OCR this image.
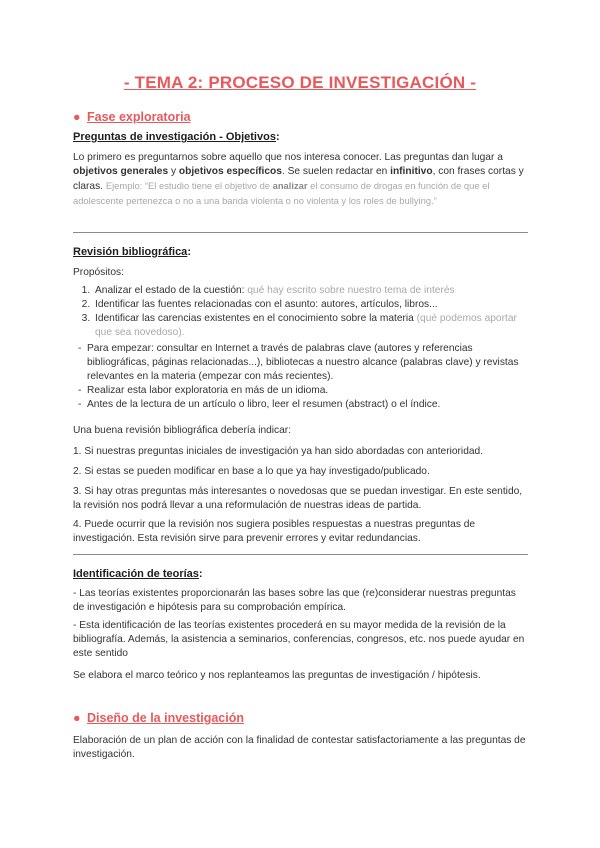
- TEMA 2: PROCESO DE INVESTIGACIÓN -
● Fase exploratoria
Preguntas de investigación - Objetivos:
Lo primero es preguntarnos sobre aquello que nos interesa conocer. Las preguntas dan lugar a objetivos generales y objetivos específicos. Se suelen redactar en infinitivo, con frases cortas y claras. Ejemplo: “El estudio tiene el objetivo de analizar el consumo de drogas en función de que el adolescente pertenezca o no a una banda violenta o no violenta y los roles de bullying.”
Revisión bibliográfica:
Propósitos:
1. Analizar el estado de la cuestión: qué hay escrito sobre nuestro tema de interés
2. Identificar las fuentes relacionadas con el asunto: autores, artículos, libros...
3. Identificar las carencias existentes en el conocimiento sobre la materia (qué podemos aportar que sea novedoso).
- Para empezar: consultar en Internet a través de palabras clave (autores y referencias bibliográficas, páginas relacionadas...), bibliotecas a nuestro alcance (palabras clave) y revistas relevantes en la materia (empezar con más recientes).
- Realizar esta labor exploratoria en más de un idioma.
- Antes de la lectura de un artículo o libro, leer el resumen (abstract) o el índice.
Una buena revisión bibliográfica debería indicar:
1. Si nuestras preguntas iniciales de investigación ya han sido abordadas con anterioridad.
2. Si estas se pueden modificar en base a lo que ya hay investigado/publicado.
3. Si hay otras preguntas más interesantes o novedosas que se puedan investigar. En este sentido, la revisión nos podrá llevar a una reformulación de nuestras ideas de partida.
4. Puede ocurrir que la revisión nos sugiera posibles respuestas a nuestras preguntas de investigación. Esta revisión sirve para prevenir errores y evitar redundancias.
Identificación de teorías:
- Las teorías existentes proporcionarán las bases sobre las que (re)considerar nuestras preguntas de investigación e hipótesis para su comprobación empírica.
- Esta identificación de las teorías existentes procederá en su mayor medida de la revisión de la bibliografía. Además, la asistencia a seminarios, conferencias, congresos, etc. nos puede ayudar en este sentido
Se elabora el marco teórico y nos replanteamos las preguntas de investigación / hipótesis.
● Diseño de la investigación
Elaboración de un plan de acción con la finalidad de contestar satisfactoriamente a las preguntas de investigación.
